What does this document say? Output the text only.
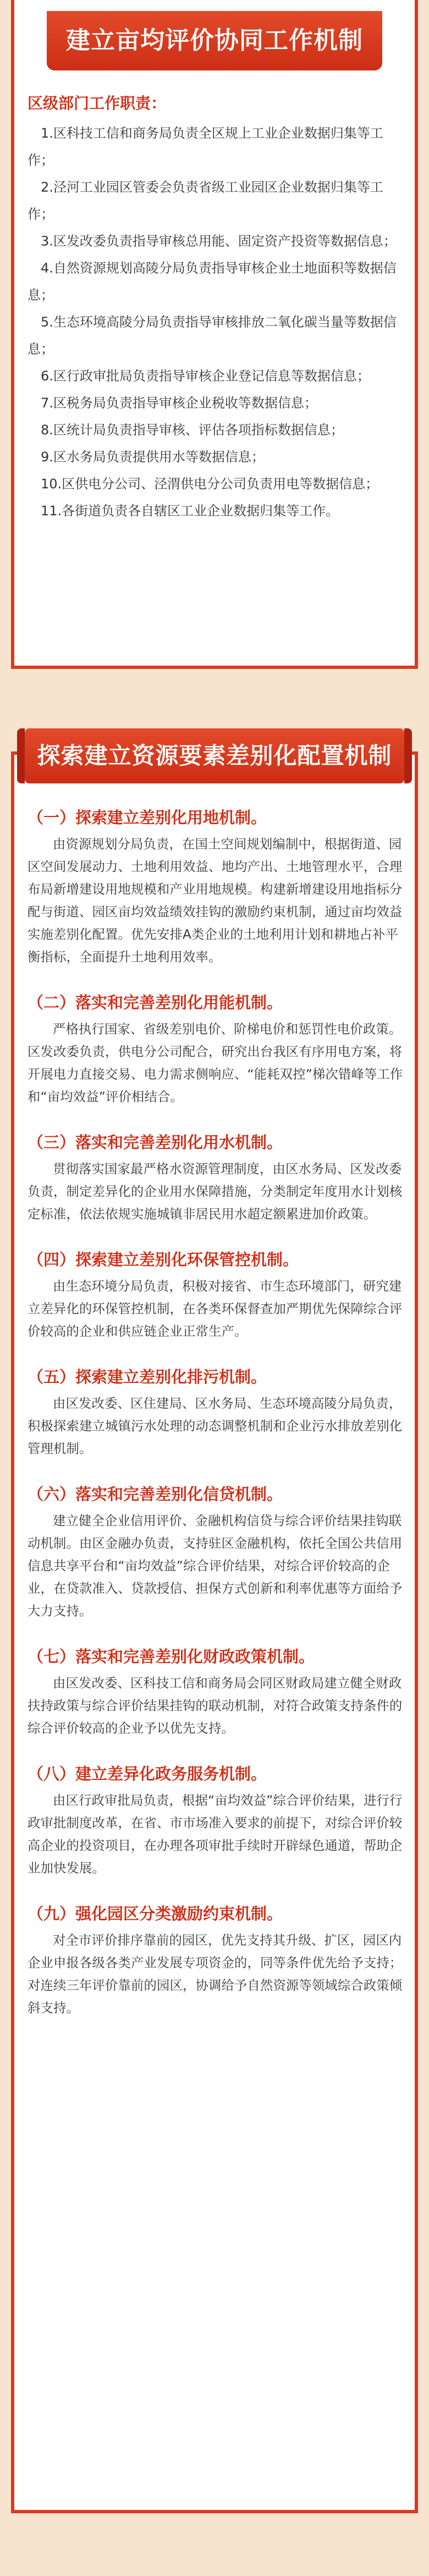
建立亩均评价协同工作机制
区级部门工作职责：

1.区科技工信和商务局负责全区规上工业企业数据归集等工作；

2.泾河工业园区管委会负责省级工业园区企业数据归集等工作；

3.区发改委负责指导审核总用能、固定资产投资等数据信息；

4.自然资源规划高陵分局负责指导审核企业土地面积等数据信息；

5.生态环境高陵分局负责指导审核排放二氧化碳当量等数据信息；

6.区行政审批局负责指导审核企业登记信息等数据信息；

7.区税务局负责指导审核企业税收等数据信息；

8.区统计局负责指导审核、评估各项指标数据信息；

9.区水务局负责提供用水等数据信息；

10.区供电分公司、泾渭供电分公司负责用电等数据信息；

11.各街道负责各自辖区工业企业数据归集等工作。

探索建立资源要素差别化配置机制
（一）探索建立差别化用地机制。

由资源规划分局负责，在国土空间规划编制中，根据街道、园区空间发展动力、土地利用效益、地均产出、土地管理水平，合理布局新增建设用地规模和产业用地规模。构建新增建设用地指标分配与街道、园区亩均效益绩效挂钩的激励约束机制，通过亩均效益实施差别化配置。优先安排A类企业的土地利用计划和耕地占补平衡指标，全面提升土地利用效率。

（二）落实和完善差别化用能机制。

严格执行国家、省级差别电价、阶梯电价和惩罚性电价政策。区发改委负责，供电分公司配合，研究出台我区有序用电方案，将开展电力直接交易、电力需求侧响应、“能耗双控”梯次错峰等工作和“亩均效益”评价相结合。

（三）落实和完善差别化用水机制。

贯彻落实国家最严格水资源管理制度，由区水务局、区发改委负责，制定差异化的企业用水保障措施，分类制定年度用水计划核定标准，依法依规实施城镇非居民用水超定额累进加价政策。

（四）探索建立差别化环保管控机制。

由生态环境分局负责，积极对接省、市生态环境部门，研究建立差异化的环保管控机制，在各类环保督查加严期优先保障综合评价较高的企业和供应链企业正常生产。

（五）探索建立差别化排污机制。

由区发改委、区住建局、区水务局、生态环境高陵分局负责，积极探索建立城镇污水处理的动态调整机制和企业污水排放差别化管理机制。

（六）落实和完善差别化信贷机制。

建立健全企业信用评价、金融机构信贷与综合评价结果挂钩联动机制。由区金融办负责，支持驻区金融机构，依托全国公共信用信息共享平台和“亩均效益”综合评价结果，对综合评价较高的企业，在贷款准入、贷款授信、担保方式创新和利率优惠等方面给予大力支持。

（七）落实和完善差别化财政政策机制。

由区发改委、区科技工信和商务局会同区财政局建立健全财政扶持政策与综合评价结果挂钩的联动机制，对符合政策支持条件的综合评价较高的企业予以优先支持。

（八）建立差异化政务服务机制。

由区行政审批局负责，根据“亩均效益”综合评价结果，进行行政审批制度改革，在省、市市场准入要求的前提下，对综合评价较高企业的投资项目，在办理各项审批手续时开辟绿色通道，帮助企业加快发展。

（九）强化园区分类激励约束机制。

对全市评价排序靠前的园区，优先支持其升级、扩区，园区内企业申报各级各类产业发展专项资金的，同等条件优先给予支持；对连续三年评价靠前的园区，协调给予自然资源等领域综合政策倾斜支持。
